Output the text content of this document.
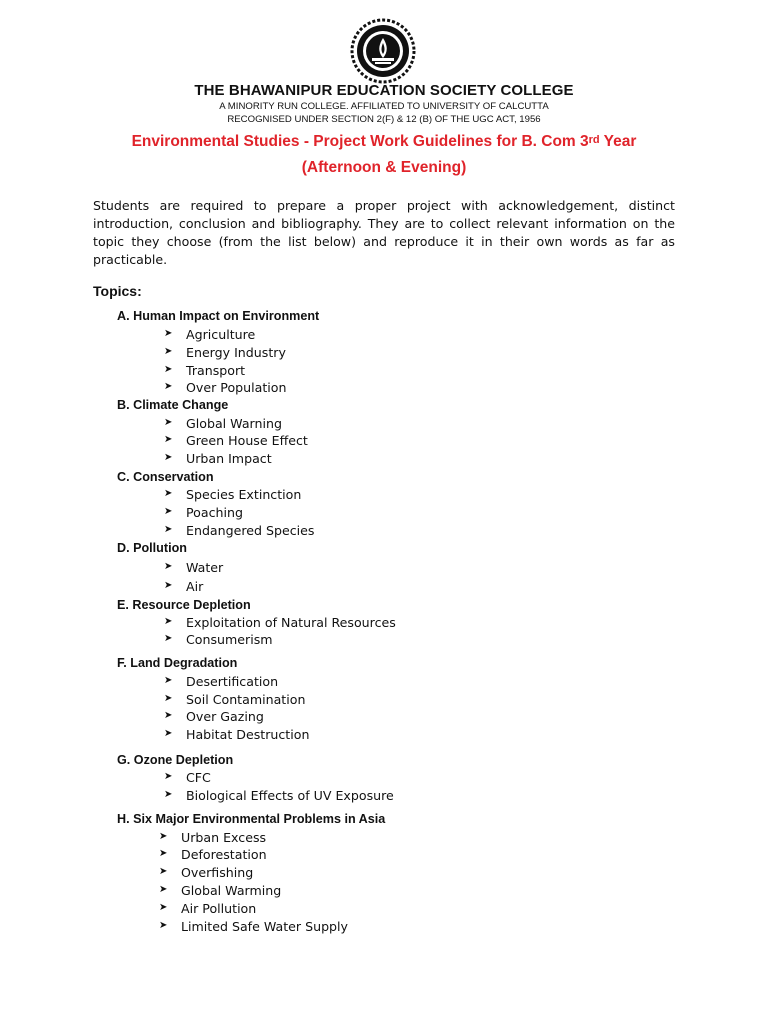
THE BHAWANIPUR EDUCATION SOCIETY COLLEGE
A MINORITY RUN COLLEGE. AFFILIATED TO UNIVERSITY OF CALCUTTA
RECOGNISED UNDER SECTION 2(F) & 12 (B) OF THE UGC ACT, 1956
Environmental Studies - Project Work Guidelines for B. Com 3rd Year
(Afternoon & Evening)
Students are required to prepare a proper project with acknowledgement, distinct introduction, conclusion and bibliography. They are to collect relevant information on the topic they choose (from the list below) and reproduce it in their own words as far as practicable.
Topics:
A. Human Impact on Environment
➤ Agriculture
➤ Energy Industry
➤ Transport
➤ Over Population
B. Climate Change
➤ Global Warning
➤ Green House Effect
➤ Urban Impact
C. Conservation
➤ Species Extinction
➤ Poaching
➤ Endangered Species
D. Pollution
➤ Water
➤ Air
E. Resource Depletion
➤ Exploitation of Natural Resources
➤ Consumerism
F. Land Degradation
➤ Desertification
➤ Soil Contamination
➤ Over Gazing
➤ Habitat Destruction
G. Ozone Depletion
➤ CFC
➤ Biological Effects of UV Exposure
H. Six Major Environmental Problems in Asia
➤ Urban Excess
➤ Deforestation
➤ Overfishing
➤ Global Warming
➤ Air Pollution
➤ Limited Safe Water Supply
